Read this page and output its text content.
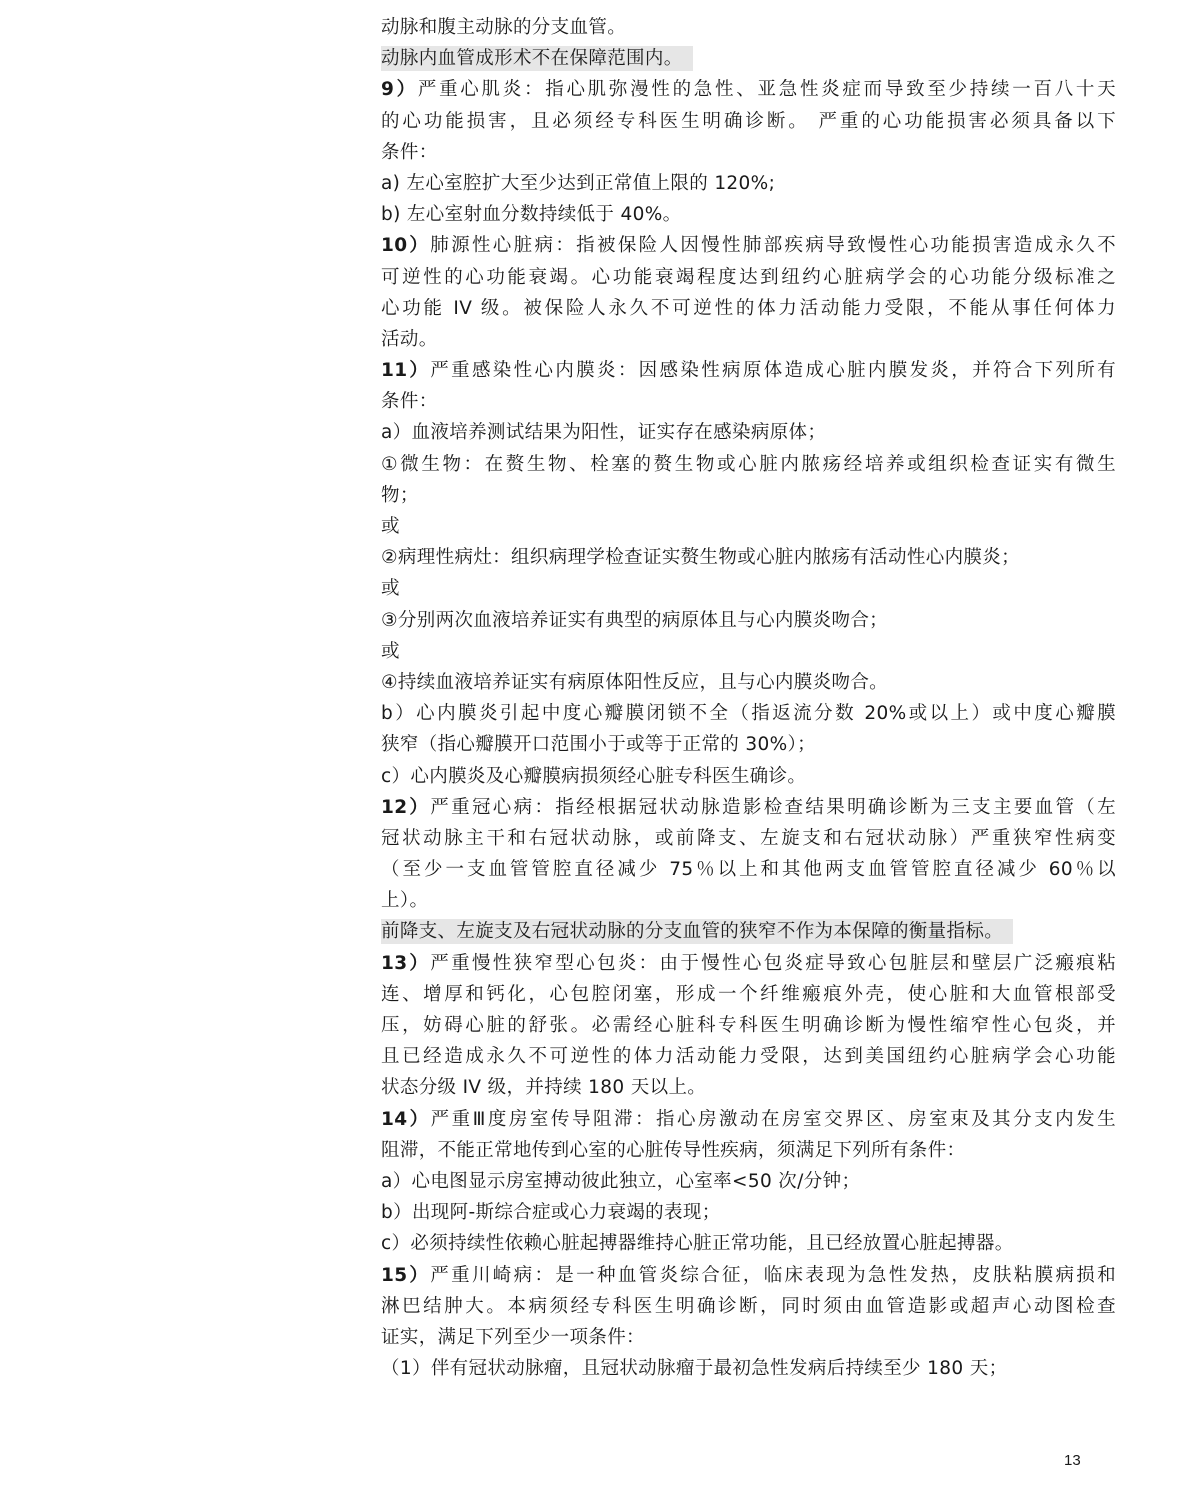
动脉和腹主动脉的分支血管。
动脉内血管成形术不在保障范围内。
9）严重心肌炎：指心肌弥漫性的急性、亚急性炎症而导致至少持续一百八十天
的心功能损害，且必须经专科医生明确诊断。 严重的心功能损害必须具备以下
条件：
a) 左心室腔扩大至少达到正常值上限的 120%;
b) 左心室射血分数持续低于 40%。
10）肺源性心脏病：指被保险人因慢性肺部疾病导致慢性心功能损害造成永久不
可逆性的心功能衰竭。心功能衰竭程度达到纽约心脏病学会的心功能分级标准之
心功能 IV 级。被保险人永久不可逆性的体力活动能力受限，不能从事任何体力
活动。
11）严重感染性心内膜炎：因感染性病原体造成心脏内膜发炎，并符合下列所有
条件：
a）血液培养测试结果为阳性，证实存在感染病原体；
①微生物：在赘生物、栓塞的赘生物或心脏内脓疡经培养或组织检查证实有微生
物；
或
②病理性病灶：组织病理学检查证实赘生物或心脏内脓疡有活动性心内膜炎；
或
③分别两次血液培养证实有典型的病原体且与心内膜炎吻合；
或
④持续血液培养证实有病原体阳性反应，且与心内膜炎吻合。
b）心内膜炎引起中度心瓣膜闭锁不全（指返流分数 20%或以上）或中度心瓣膜
狭窄（指心瓣膜开口范围小于或等于正常的 30%）；
c）心内膜炎及心瓣膜病损须经心脏专科医生确诊。
12）严重冠心病：指经根据冠状动脉造影检查结果明确诊断为三支主要血管（左
冠状动脉主干和右冠状动脉，或前降支、左旋支和右冠状动脉）严重狭窄性病变
（至少一支血管管腔直径减少 75％以上和其他两支血管管腔直径减少 60％以
上）。
前降支、左旋支及右冠状动脉的分支血管的狭窄不作为本保障的衡量指标。
13）严重慢性狭窄型心包炎：由于慢性心包炎症导致心包脏层和壁层广泛瘢痕粘
连、增厚和钙化，心包腔闭塞，形成一个纤维瘢痕外壳，使心脏和大血管根部受
压，妨碍心脏的舒张。必需经心脏科专科医生明确诊断为慢性缩窄性心包炎，并
且已经造成永久不可逆性的体力活动能力受限，达到美国纽约心脏病学会心功能
状态分级 IV 级，并持续 180 天以上。
14）严重Ⅲ度房室传导阻滞：指心房激动在房室交界区、房室束及其分支内发生
阻滞，不能正常地传到心室的心脏传导性疾病，须满足下列所有条件：
a）心电图显示房室搏动彼此独立，心室率<50 次/分钟；
b）出现阿-斯综合症或心力衰竭的表现；
c）必须持续性依赖心脏起搏器维持心脏正常功能，且已经放置心脏起搏器。
15）严重川崎病：是一种血管炎综合征，临床表现为急性发热，皮肤粘膜病损和
淋巴结肿大。本病须经专科医生明确诊断，同时须由血管造影或超声心动图检查
证实，满足下列至少一项条件：
（1）伴有冠状动脉瘤，且冠状动脉瘤于最初急性发病后持续至少 180 天；
13
